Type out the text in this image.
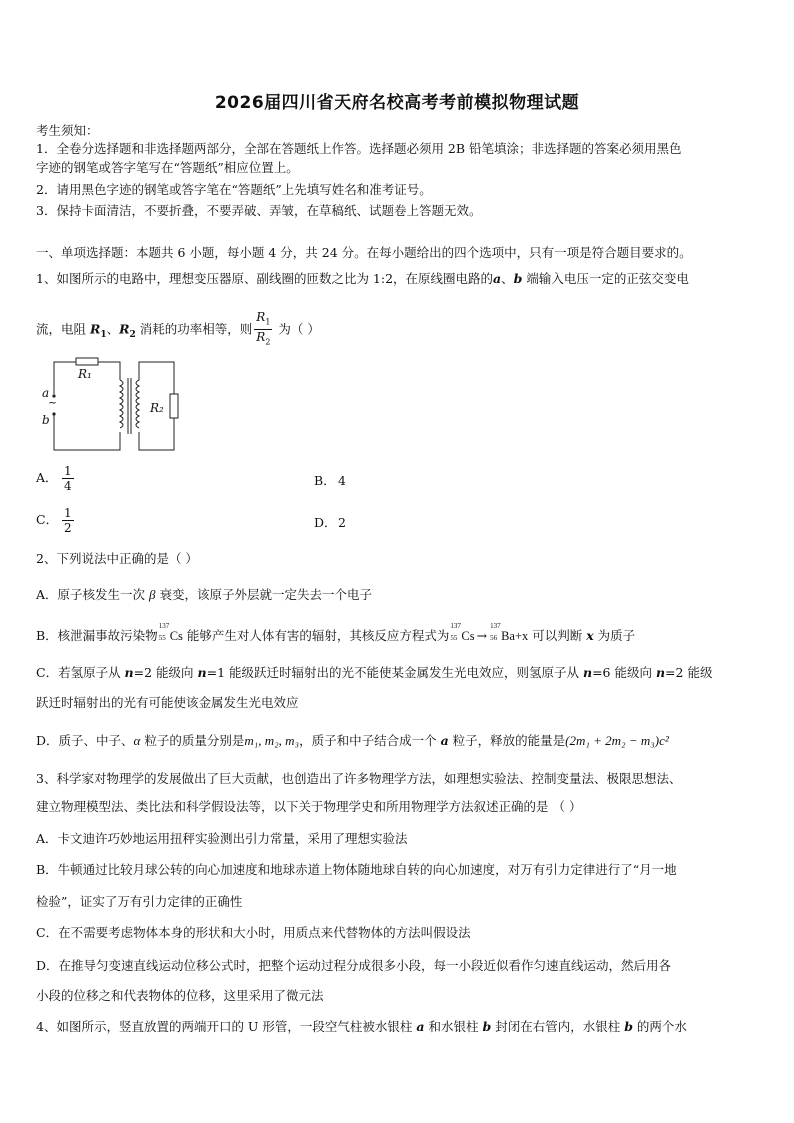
2026届四川省天府名校高考考前模拟物理试题
考生须知：
1．全卷分选择题和非选择题两部分，全部在答题纸上作答。选择题必须用 2B 铅笔填涂；非选择题的答案必须用黑色
字迹的钢笔或答字笔写在“答题纸”相应位置上。
2．请用黑色字迹的钢笔或答字笔在“答题纸”上先填写姓名和准考证号。
3．保持卡面清洁，不要折叠，不要弄破、弄皱，在草稿纸、试题卷上答题无效。
一、单项选择题：本题共 6 小题，每小题 4 分，共 24 分。在每小题给出的四个选项中，只有一项是符合题目要求的。
1、如图所示的电路中，理想变压器原、副线圈的匝数之比为 1:2，在原线圈电路的a、b 端输入电压一定的正弦交变电
流，电阻 $R_1$、$R_2$ 消耗的功率相等，则 $\frac{R_1}{R_2}$ 为（ ）
R₁
R₂
a
~
b
A． $\frac{1}{4}$	B． 4
C． $\frac{1}{2}$	D．2
2、下列说法中正确的是（ ）
A．原子核发生一次 β 衰变，该原子外层就一定失去一个电子
B．核泄漏事故污染物
137
55 Cs 能够产生对人体有害的辐射，其核反应方程式为
137
55 Cs →
137
56 Ba+x 可以判断 x 为质子
C．若氢原子从 n=2 能级向 n=1 能级跃迁时辐射出的光不能使某金属发生光电效应，则氢原子从 n=6 能级向 n=2 能级
跃迁时辐射出的光有可能使该金属发生光电效应
D．质子、中子、α 粒子的质量分别是m₁, m₂, m₃，质子和中子结合成一个 a 粒子，释放的能量是(2m₁ + 2m₂ − m₃)c²
3、科学家对物理学的发展做出了巨大贡献，也创造出了许多物理学方法，如理想实验法、控制变量法、极限思想法、
建立物理模型法、类比法和科学假设法等，以下关于物理学史和所用物理学方法叙述正确的是 （ ）
A．卡文迪许巧妙地运用扭秤实验测出引力常量，采用了理想实验法
B．牛顿通过比较月球公转的向心加速度和地球赤道上物体随地球自转的向心加速度，对万有引力定律进行了“月一地
检验”，证实了万有引力定律的正确性
C．在不需要考虑物体本身的形状和大小时，用质点来代替物体的方法叫假设法
D．在推导匀变速直线运动位移公式时，把整个运动过程分成很多小段，每一小段近似看作匀速直线运动，然后用各
小段的位移之和代表物体的位移，这里采用了微元法
4、如图所示，竖直放置的两端开口的 U 形管，一段空气柱被水银柱 a 和水银柱 b 封闭在右管内，水银柱 b 的两个水
